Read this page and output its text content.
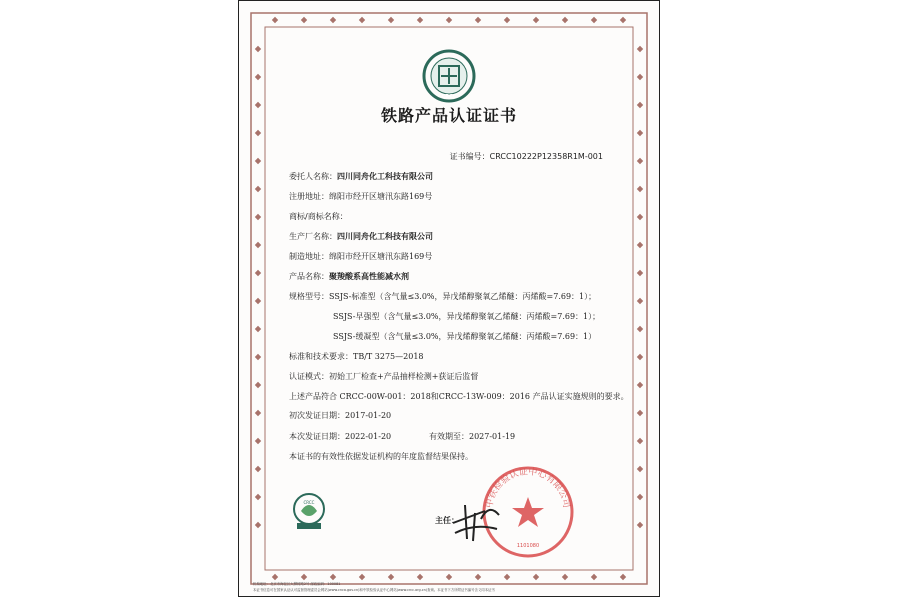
CRCC
铁路产品认证证书
证书编号：CRCC10222P12358R1M-001
委托人名称：四川同舟化工科技有限公司
注册地址：绵阳市经开区塘汛东路169号
商标/商标名称：
生产厂名称：四川同舟化工科技有限公司
制造地址：绵阳市经开区塘汛东路169号
产品名称：聚羧酸系高性能减水剂
规格型号：SSJS-标准型（含气量≤3.0%，异戊烯醇聚氧乙烯醚：丙烯酸=7.69：1）；
SSJS-早强型（含气量≤3.0%，异戊烯醇聚氧乙烯醚：丙烯酸=7.69：1）；
SSJS-缓凝型（含气量≤3.0%，异戊烯醇聚氧乙烯醚：丙烯酸=7.69：1）
标准和技术要求：TB/T 3275—2018
认证模式：初始工厂检查+产品抽样检测+获证后监督
上述产品符合 CRCC-00W-001：2018和CRCC-13W-009：2016 产品认证实施规则的要求。
初次发证日期：2017-01-20
本次发证日期：2022-01-20	有效期至：2027-01-19
本证书的有效性依据发证机构的年度监督结果保持。
CRCC
主任：
中铁检验认证中心有限公司
1101080
机构地址：北京市海淀区大柳树路2号 邮政编码：100081
本证书信息可在国家认证认可监督管理委员会网站(www.cnca.gov.cn)和中铁检验认证中心网站(www.crcc.org.cn)查询。本证书下方所附证书编号含义同本证书
